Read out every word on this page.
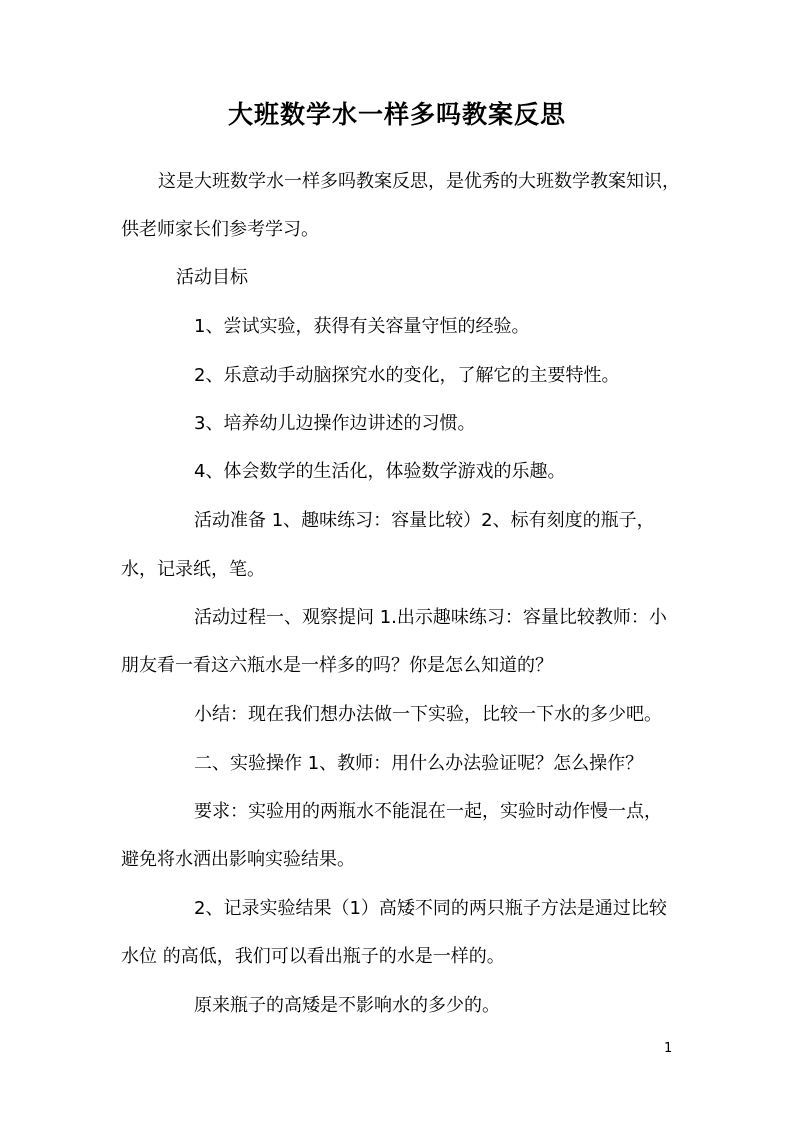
大班数学水一样多吗教案反思
这是大班数学水一样多吗教案反思，是优秀的大班数学教案知识，
供老师家长们参考学习。
活动目标
1、尝试实验，获得有关容量守恒的经验。
2、乐意动手动脑探究水的变化，了解它的主要特性。
3、培养幼儿边操作边讲述的习惯。
4、体会数学的生活化，体验数学游戏的乐趣。
活动准备 1、趣味练习：容量比较）2、标有刻度的瓶子，
水，记录纸，笔。
活动过程一、观察提问 1.出示趣味练习：容量比较教师：小
朋友看一看这六瓶水是一样多的吗？你是怎么知道的？
小结：现在我们想办法做一下实验，比较一下水的多少吧。
二、实验操作 1、教师：用什么办法验证呢？怎么操作？
要求：实验用的两瓶水不能混在一起，实验时动作慢一点，
避免将水洒出影响实验结果。
2、记录实验结果（1）高矮不同的两只瓶子方法是通过比较
水位 的高低，我们可以看出瓶子的水是一样的。
原来瓶子的高矮是不影响水的多少的。
1
